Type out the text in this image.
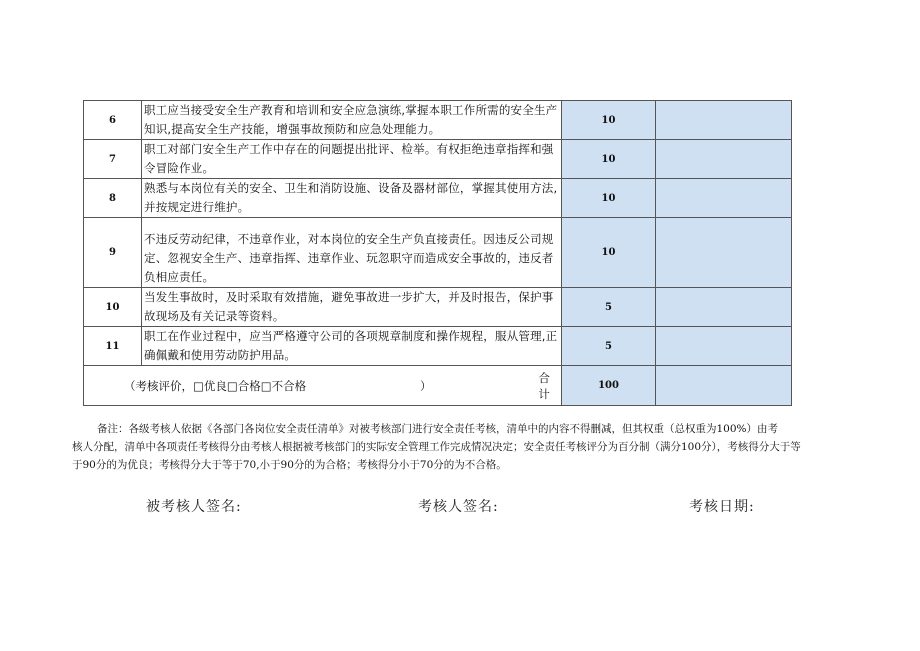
6	职工应当接受安全生产教育和培训和安全应急演练,掌握本职工作所需的安全生产知识,提高安全生产技能，增强事故预防和应急处理能力。	10	
7	职工对部门安全生产工作中存在的问题提出批评、检举。有权拒绝违章指挥和强令冒险作业。	10	
8	熟悉与本岗位有关的安全、卫生和消防设施、设备及器材部位，掌握其使用方法,并按规定进行维护。	10	
9	不违反劳动纪律，不违章作业，对本岗位的安全生产负直接责任。因违反公司规定、忽视安全生产、违章指挥、违章作业、玩忽职守而造成安全事故的，违反者负相应责任。	10	
10	当发生事故时，及时采取有效措施，避免事故进一步扩大，并及时报告，保护事故现场及有关记录等资料。	5	
11	职工在作业过程中，应当严格遵守公司的各项规章制度和操作规程，服从管理,正确佩戴和使用劳动防护用品。	5	

（考核评价，□优良□合格□不合格 ）
合计		100	
备注：各级考核人依据《各部门各岗位安全责任清单》对被考核部门进行安全责任考核，清单中的内容不得删减，但其权重（总权重为100%）由考
核人分配，清单中各项责任考核得分由考核人根据被考核部门的实际安全管理工作完成情况决定；安全责任考核评分为百分制（满分100分），考核得分大于等
于90分的为优良；考核得分大于等于70,小于90分的为合格；考核得分小于70分的为不合格。
被考核人签名:	考核人签名:	考核日期:
